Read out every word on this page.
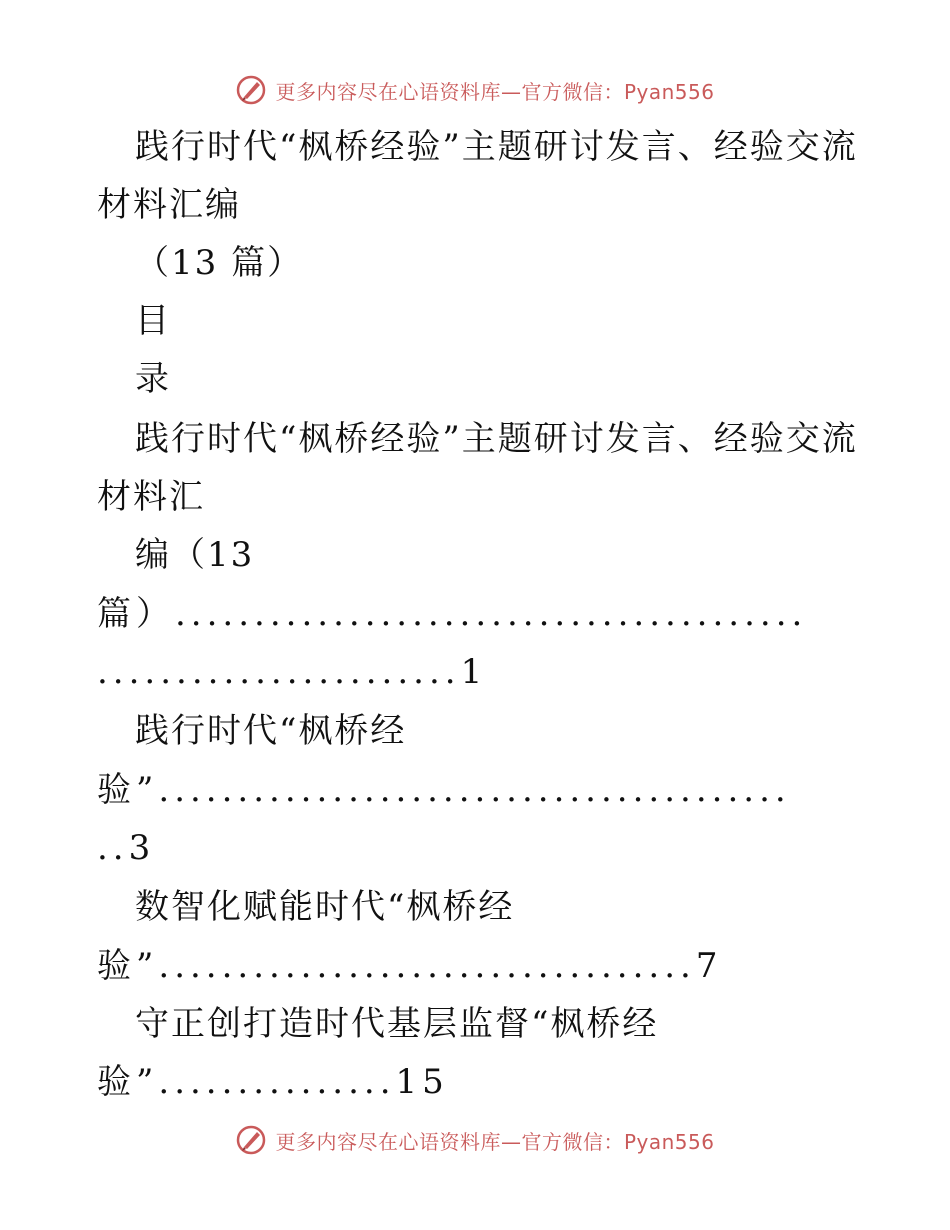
更多内容尽在心语资料库—官方微信：Pyan556
践行时代“枫桥经验”主题研讨发言、经验交流
材料汇编
（13 篇）
目
录
践行时代“枫桥经验”主题研讨发言、经验交流
材料汇
编（13
篇）........................................
.......................1
践行时代“枫桥经
验”........................................
..3
数智化赋能时代“枫桥经
验”..................................7
守正创打造时代基层监督“枫桥经
验”...............15
更多内容尽在心语资料库—官方微信：Pyan556
